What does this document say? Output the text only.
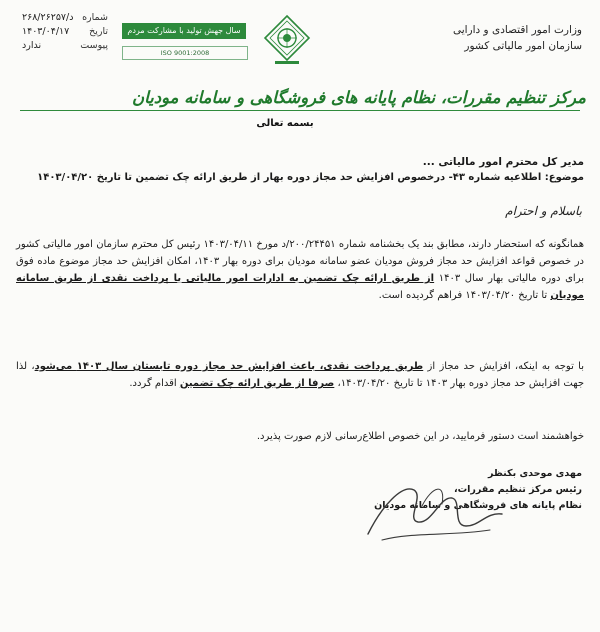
وزارت امور اقتصادی و دارایی
سازمان امور مالیاتی کشور
سال جهش تولید با مشارکت مردم
ISO 9001:2008
شماره
۲۶۸/۲۶۲۵۷/د
تاریخ
۱۴۰۳/۰۴/۱۷
پیوست
ندارد
مرکز تنظیم مقررات، نظام پایانه های فروشگاهی و سامانه مودیان
بسمه تعالی
مدیر کل محترم امور مالیاتی ...
موضوع: اطلاعیه شماره ۴۳- درخصوص افزایش حد مجاز دوره بهار از طریق ارائه چک تضمین تا تاریخ ۱۴۰۳/۰۴/۲۰
باسلام و احترام
همانگونه که استحضار دارند، مطابق بند یک بخشنامه شماره ۲۰۰/۲۴۴۵۱/د مورخ ۱۴۰۳/۰۴/۱۱ رئیس کل محترم سازمان امور مالیاتی کشور در خصوص قواعد افزایش حد مجاز فروش مودیان عضو سامانه مودیان برای دوره بهار ۱۴۰۳، امکان افزایش حد مجاز موضوع ماده فوق برای دوره مالیاتی بهار سال ۱۴۰۳ از طریق ارائه چک تضمین به ادارات امور مالیاتی یا پرداخت نقدی از طریق سامانه مودیان تا تاریخ ۱۴۰۳/۰۴/۲۰ فراهم گردیده است.
با توجه به اینکه، افزایش حد مجاز از طریق پرداخت نقدی، باعث افزایش حد مجاز دوره تابستان سال ۱۴۰۳ می‌شود، لذا جهت افزایش حد مجاز دوره بهار ۱۴۰۳ تا تاریخ ۱۴۰۳/۰۴/۲۰، صرفا از طریق ارائه چک تضمین اقدام گردد.
خواهشمند است دستور فرمایید، در این خصوص اطلاع‌رسانی لازم صورت پذیرد.
مهدی موحدی بکنظر
رئیس مرکز تنظیم مقررات،
نظام پایانه های فروشگاهی و سامانه مودیان
